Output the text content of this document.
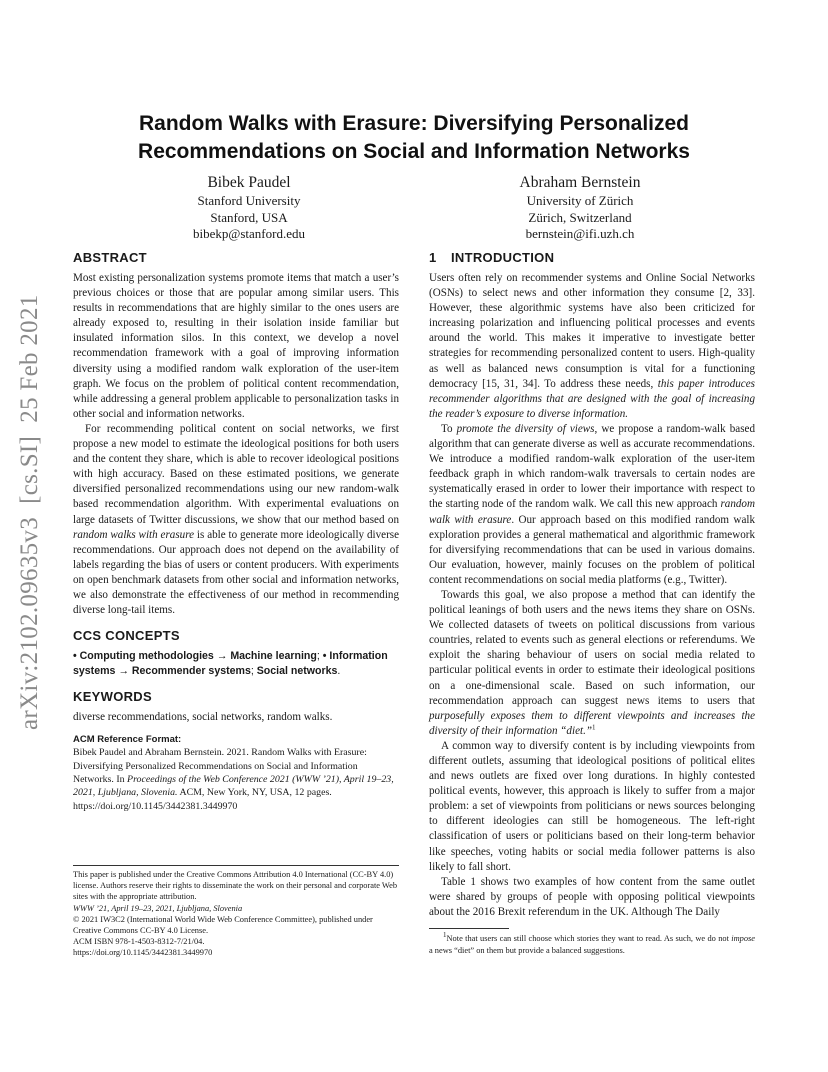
arXiv:2102.09635v3  [cs.SI]  25 Feb 2021
Random Walks with Erasure: Diversifying Personalized
Recommendations on Social and Information Networks
Bibek Paudel
Stanford University
Stanford, USA
bibekp@stanford.edu
Abraham Bernstein
University of Zürich
Zürich, Switzerland
bernstein@ifi.uzh.ch
ABSTRACT

Most existing personalization systems promote items that match a user’s previous choices or those that are popular among similar users. This results in recommendations that are highly similar to the ones users are already exposed to, resulting in their isolation inside familiar but insulated information silos. In this context, we develop a novel recommendation framework with a goal of improving information diversity using a modified random walk exploration of the user-item graph. We focus on the problem of political content recommendation, while addressing a general problem applicable to personalization tasks in other social and information networks.

For recommending political content on social networks, we first propose a new model to estimate the ideological positions for both users and the content they share, which is able to recover ideological positions with high accuracy. Based on these estimated positions, we generate diversified personalized recommendations using our new random-walk based recommendation algorithm. With experimental evaluations on large datasets of Twitter discussions, we show that our method based on random walks with erasure is able to generate more ideologically diverse recommendations. Our approach does not depend on the availability of labels regarding the bias of users or content producers. With experiments on open benchmark datasets from other social and information networks, we also demonstrate the effectiveness of our method in recommending diverse long-tail items.

CCS CONCEPTS
• Computing methodologies → Machine learning; • Information systems → Recommender systems; Social networks.
KEYWORDS

diverse recommendations, social networks, random walks.

ACM Reference Format:
Bibek Paudel and Abraham Bernstein. 2021. Random Walks with Erasure: Diversifying Personalized Recommendations on Social and Information Networks. In Proceedings of the Web Conference 2021 (WWW ’21), April 19–23, 2021, Ljubljana, Slovenia. ACM, New York, NY, USA, 12 pages. https://doi.org/10.1145/3442381.3449970
This paper is published under the Creative Commons Attribution 4.0 International (CC-BY 4.0) license. Authors reserve their rights to disseminate the work on their personal and corporate Web sites with the appropriate attribution.
WWW ’21, April 19–23, 2021, Ljubljana, Slovenia
© 2021 IW3C2 (International World Wide Web Conference Committee), published under Creative Commons CC-BY 4.0 License.
ACM ISBN 978-1-4503-8312-7/21/04.
https://doi.org/10.1145/3442381.3449970
1 INTRODUCTION

Users often rely on recommender systems and Online Social Networks (OSNs) to select news and other information they consume [2, 33]. However, these algorithmic systems have also been criticized for increasing polarization and influencing political processes and events around the world. This makes it imperative to investigate better strategies for recommending personalized content to users. High-quality as well as balanced news consumption is vital for a functioning democracy [15, 31, 34]. To address these needs, this paper introduces recommender algorithms that are designed with the goal of increasing the reader’s exposure to diverse information.

To promote the diversity of views, we propose a random-walk based algorithm that can generate diverse as well as accurate recommendations. We introduce a modified random-walk exploration of the user-item feedback graph in which random-walk traversals to certain nodes are systematically erased in order to lower their importance with respect to the starting node of the random walk. We call this new approach random walk with erasure. Our approach based on this modified random walk exploration provides a general mathematical and algorithmic framework for diversifying recommendations that can be used in various domains. Our evaluation, however, mainly focuses on the problem of political content recommendations on social media platforms (e.g., Twitter).

Towards this goal, we also propose a method that can identify the political leanings of both users and the news items they share on OSNs. We collected datasets of tweets on political discussions from various countries, related to events such as general elections or referendums. We exploit the sharing behaviour of users on social media related to particular political events in order to estimate their ideological positions on a one-dimensional scale. Based on such information, our recommendation approach can suggest news items to users that purposefully exposes them to different viewpoints and increases the diversity of their information “diet.”$^1$

A common way to diversify content is by including viewpoints from different outlets, assuming that ideological positions of political elites and news outlets are fixed over long durations. In highly contested political events, however, this approach is likely to suffer from a major problem: a set of viewpoints from politicians or news sources belonging to different ideologies can still be homogeneous. The left-right classification of users or politicians based on their long-term behavior like speeches, voting habits or social media follower patterns is also likely to fall short.

Table 1 shows two examples of how content from the same outlet were shared by groups of people with opposing political viewpoints about the 2016 Brexit referendum in the UK. Although The Daily

$^1$Note that users can still choose which stories they want to read. As such, we do not impose a news “diet” on them but provide a balanced suggestions.
